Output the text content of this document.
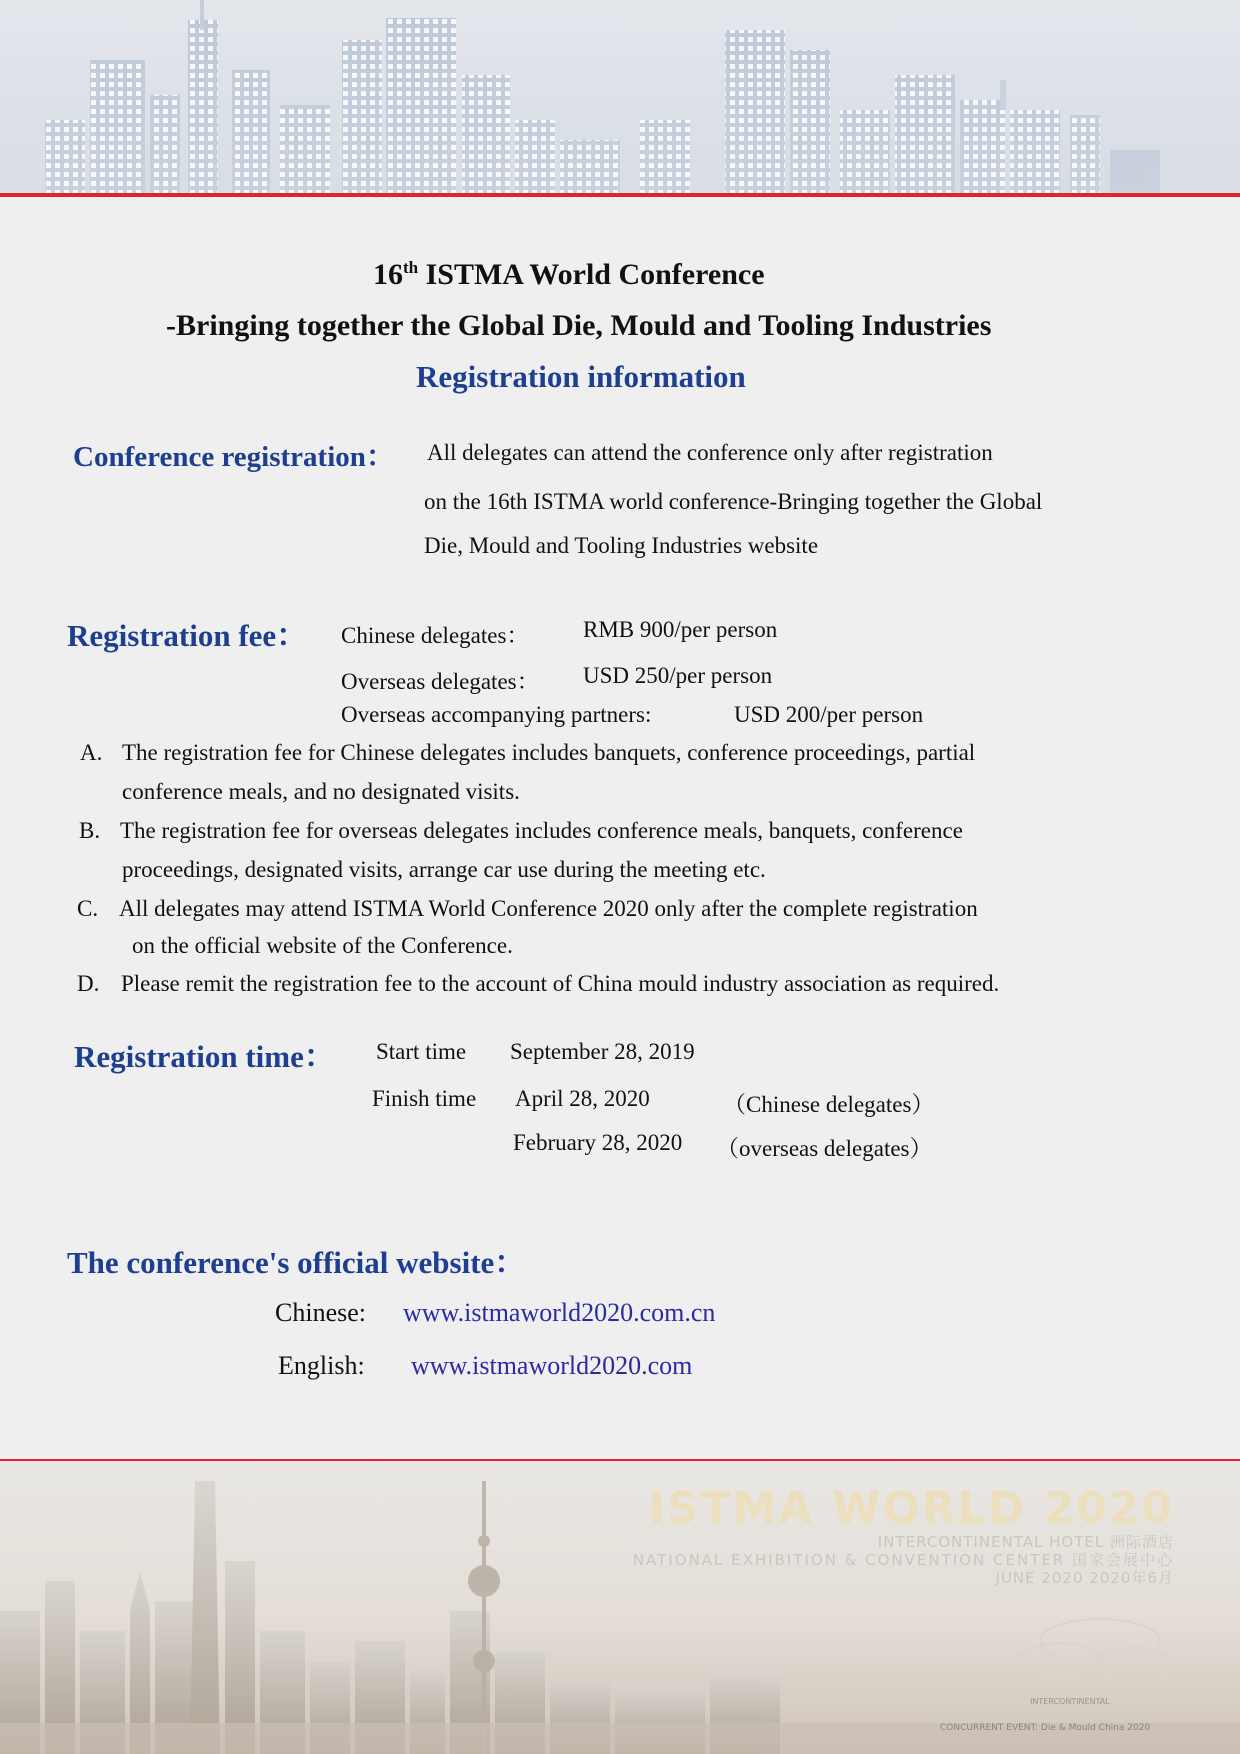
16th ISTMA World Conference
-Bringing together the Global Die, Mould and Tooling Industries
Registration information
Conference registration： All delegates can attend the conference only after registration
on the 16th ISTMA world conference-Bringing together the Global
Die, Mould and Tooling Industries website
Registration fee： Chinese delegates： RMB 900/per person
Overseas delegates： USD 250/per person
Overseas accompanying partners:	USD 200/per person
A. The registration fee for Chinese delegates includes banquets, conference proceedings, partial
conference meals, and no designated visits.
B. The registration fee for overseas delegates includes conference meals, banquets, conference
proceedings, designated visits, arrange car use during the meeting etc.
C. All delegates may attend ISTMA World Conference 2020 only after the complete registration
on the official website of the Conference.
D. Please remit the registration fee to the account of China mould industry association as required.
Registration time： Start time September 28, 2019
Finish time April 28, 2020	（Chinese delegates）
February 28, 2020 （overseas delegates）
The conference's official website：
Chinese: www.istmaworld2020.com.cn
English: www.istmaworld2020.com
ISTMA WORLD 2020
INTERCONTINENTAL HOTEL 洲际酒店
NATIONAL EXHIBITION & CONVENTION CENTER 国家会展中心
JUNE 2020 2020年6月
INTERCONTINENTAL
CONCURRENT EVENT: Die & Mould China 2020
